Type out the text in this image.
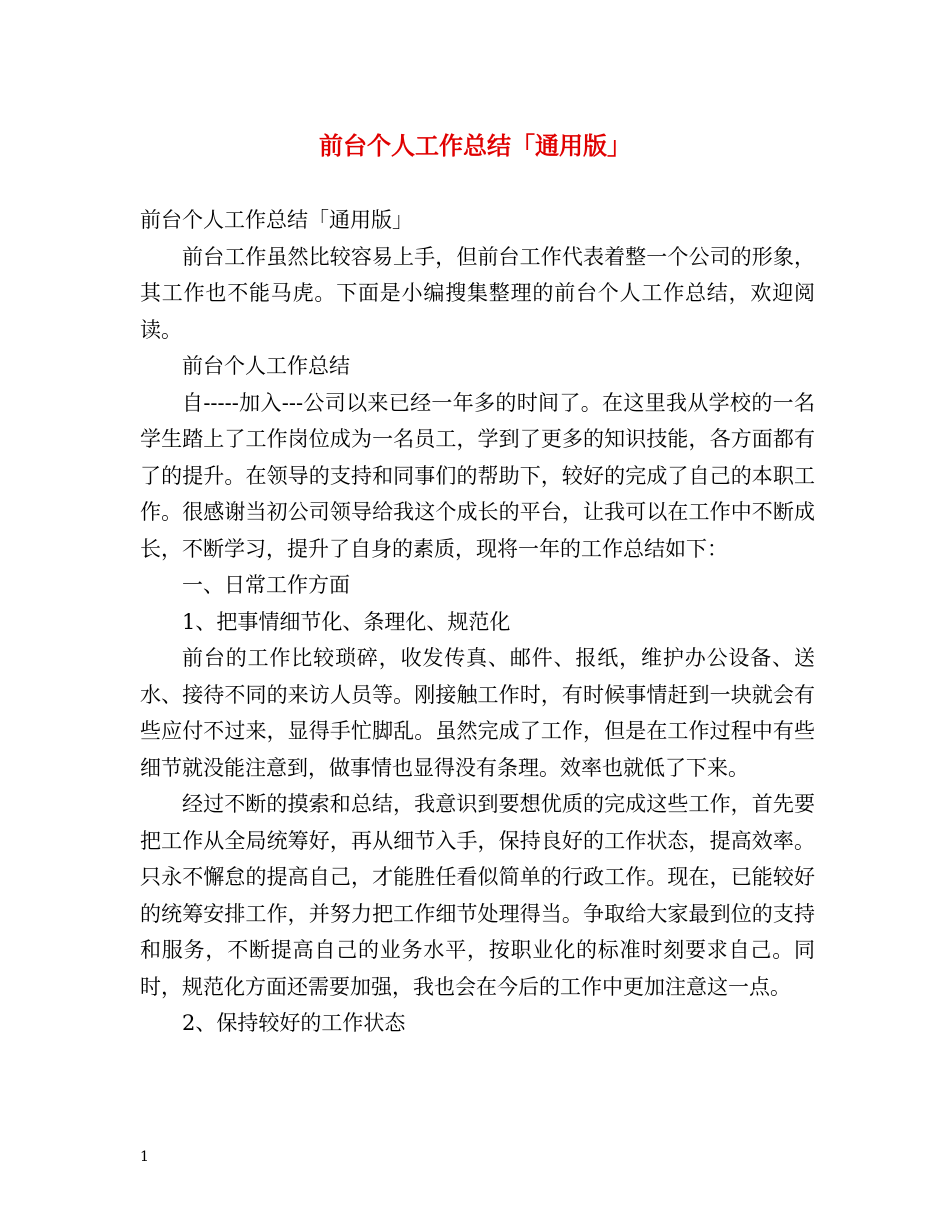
前台个人工作总结「通用版」

前台个人工作总结「通用版」

前台工作虽然比较容易上手，但前台工作代表着整一个公司的形象，其工作也不能马虎。下面是小编搜集整理的前台个人工作总结，欢迎阅读。

前台个人工作总结

自-----加入---公司以来已经一年多的时间了。在这里我从学校的一名学生踏上了工作岗位成为一名员工，学到了更多的知识技能，各方面都有了的提升。在领导的支持和同事们的帮助下，较好的完成了自己的本职工作。很感谢当初公司领导给我这个成长的平台，让我可以在工作中不断成长，不断学习，提升了自身的素质，现将一年的工作总结如下：

一、日常工作方面

1、把事情细节化、条理化、规范化

前台的工作比较琐碎，收发传真、邮件、报纸，维护办公设备、送水、接待不同的来访人员等。刚接触工作时，有时候事情赶到一块就会有些应付不过来，显得手忙脚乱。虽然完成了工作，但是在工作过程中有些细节就没能注意到，做事情也显得没有条理。效率也就低了下来。

经过不断的摸索和总结，我意识到要想优质的完成这些工作，首先要把工作从全局统筹好，再从细节入手，保持良好的工作状态，提高效率。只永不懈怠的提高自己，才能胜任看似简单的行政工作。现在，已能较好的统筹安排工作，并努力把工作细节处理得当。争取给大家最到位的支持和服务，不断提高自己的业务水平，按职业化的标准时刻要求自己。同时，规范化方面还需要加强，我也会在今后的工作中更加注意这一点。

2、保持较好的工作状态

1
